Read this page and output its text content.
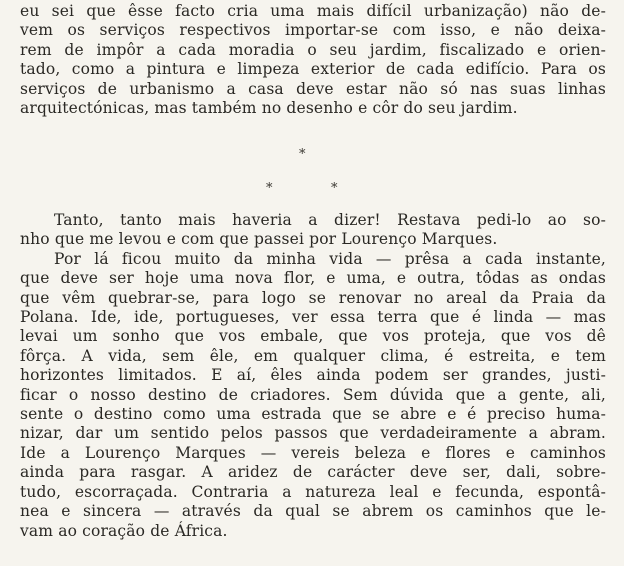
eu sei que êsse facto cria uma mais difícil urbanização) não de-
vem os serviços respectivos importar-se com isso, e não deixa-
rem de impôr a cada moradia o seu jardim, fiscalizado e orien-
tado, como a pintura e limpeza exterior de cada edifício. Para os
serviços de urbanismo a casa deve estar não só nas suas linhas
arquitectónicas, mas também no desenho e côr do seu jardim.
*
*	*
Tanto, tanto mais haveria a dizer! Restava pedi-lo ao so-
nho que me levou e com que passei por Lourenço Marques.
Por lá ficou muito da minha vida — prêsa a cada instante,
que deve ser hoje uma nova flor, e uma, e outra, tôdas as ondas
que vêm quebrar-se, para logo se renovar no areal da Praia da
Polana. Ide, ide, portugueses, ver essa terra que é linda — mas
levai um sonho que vos embale, que vos proteja, que vos dê
fôrça. A vida, sem êle, em qualquer clima, é estreita, e tem
horizontes limitados. E aí, êles ainda podem ser grandes, justi-
ficar o nosso destino de criadores. Sem dúvida que a gente, ali,
sente o destino como uma estrada que se abre e é preciso huma-
nizar, dar um sentido pelos passos que verdadeiramente a abram.
Ide a Lourenço Marques — vereis beleza e flores e caminhos
ainda para rasgar. A aridez de carácter deve ser, dali, sobre-
tudo, escorraçada. Contraria a natureza leal e fecunda, espontâ-
nea e sincera — através da qual se abrem os caminhos que le-
vam ao coração de África.
